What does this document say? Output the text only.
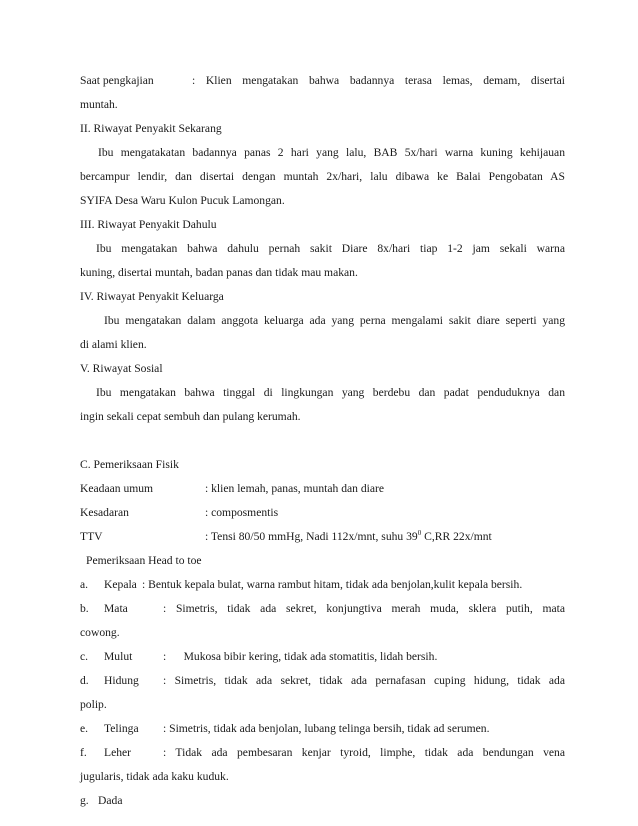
Saat pengkajian	: Klien mengatakan bahwa badannya terasa lemas, demam, disertai
muntah.
II. Riwayat Penyakit Sekarang
Ibu mengatakatan badannya panas 2 hari yang lalu, BAB 5x/hari warna kuning kehijauan
bercampur lendir, dan disertai dengan muntah 2x/hari, lalu dibawa ke Balai Pengobatan AS
SYIFA Desa Waru Kulon Pucuk Lamongan.
III. Riwayat Penyakit Dahulu
Ibu mengatakan bahwa dahulu pernah sakit Diare 8x/hari tiap 1-2 jam sekali warna
kuning, disertai muntah, badan panas dan tidak mau makan.
IV. Riwayat Penyakit Keluarga
Ibu mengatakan dalam anggota keluarga ada yang perna mengalami sakit diare seperti yang
di alami klien.
V. Riwayat Sosial
Ibu mengatakan bahwa tinggal di lingkungan yang berdebu dan padat penduduknya dan
ingin sekali cepat sembuh dan pulang kerumah.
C. Pemeriksaan Fisik
Keadaan umum	: klien lemah, panas, muntah dan diare
Kesadaran	: composmentis
TTV	: Tensi 80/50 mmHg, Nadi 112x/mnt, suhu $39^0$ C,RR 22x/mnt
Pemeriksaan Head to toe
a. Kepala : Bentuk kepala bulat, warna rambut hitam, tidak ada benjolan,kulit kepala bersih.
b. Mata	: Simetris, tidak ada sekret, konjungtiva merah muda, sklera putih, mata
cowong.
c. Mulut	:      Mukosa bibir kering, tidak ada stomatitis, lidah bersih.
d. Hidung : Simetris, tidak ada sekret, tidak ada pernafasan cuping hidung, tidak ada
polip.
e. Telinga : Simetris, tidak ada benjolan, lubang telinga bersih, tidak ad serumen.
f. Leher	: Tidak ada pembesaran kenjar tyroid, limphe, tidak ada bendungan vena
jugularis, tidak ada kaku kuduk.
g. Dada
